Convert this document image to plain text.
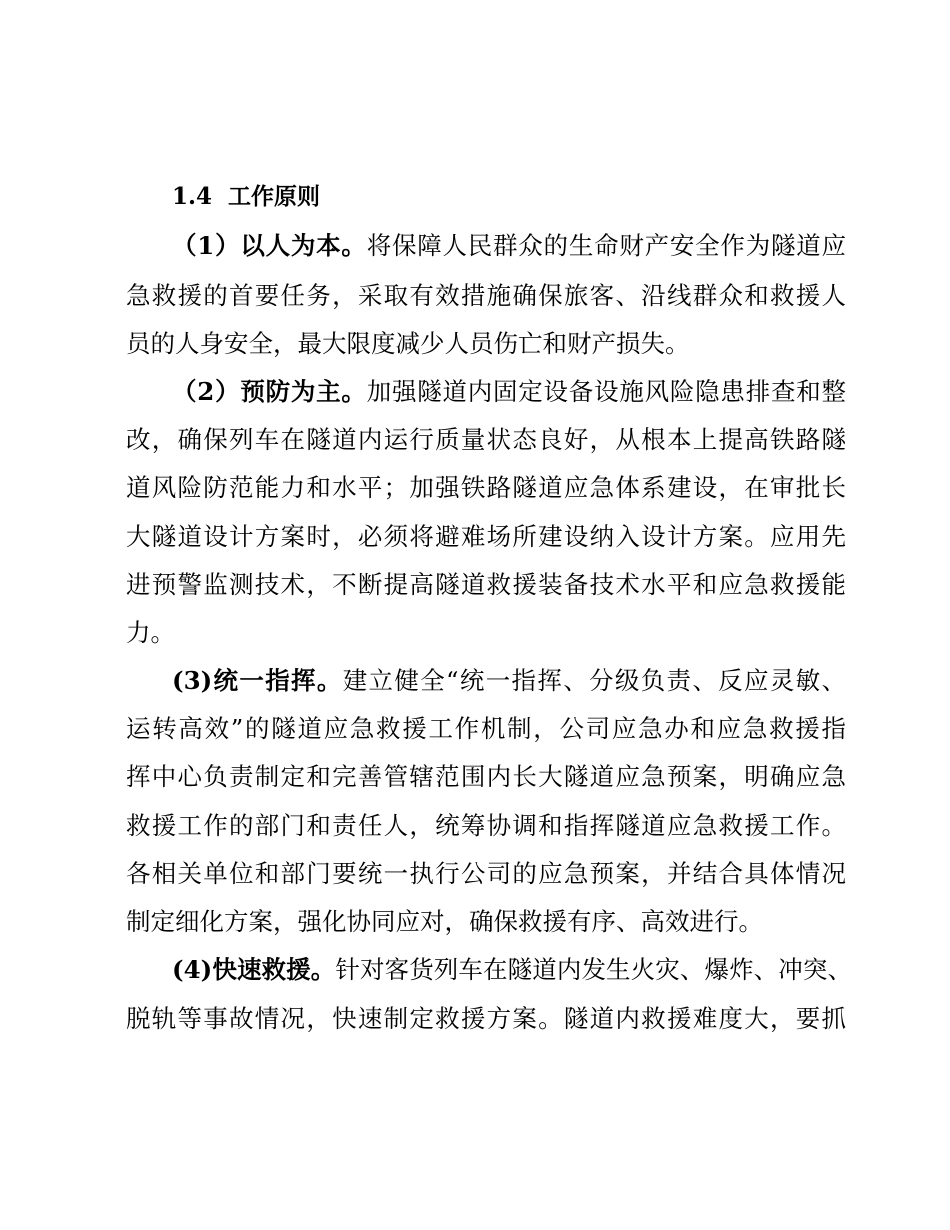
1.4 工作原则
（1）以人为本。将保障人民群众的生命财产安全作为隧道应
急救援的首要任务，采取有效措施确保旅客、沿线群众和救援人
员的人身安全，最大限度减少人员伤亡和财产损失。
（2）预防为主。加强隧道内固定设备设施风险隐患排查和整
改，确保列车在隧道内运行质量状态良好，从根本上提高铁路隧
道风险防范能力和水平；加强铁路隧道应急体系建设，在审批长
大隧道设计方案时，必须将避难场所建设纳入设计方案。应用先
进预警监测技术，不断提高隧道救援装备技术水平和应急救援能
力。
(3)统一指挥。建立健全“统一指挥、分级负责、反应灵敏、
运转高效”的隧道应急救援工作机制，公司应急办和应急救援指
挥中心负责制定和完善管辖范围内长大隧道应急预案，明确应急
救援工作的部门和责任人，统筹协调和指挥隧道应急救援工作。
各相关单位和部门要统一执行公司的应急预案，并结合具体情况
制定细化方案，强化协同应对，确保救援有序、高效进行。
(4)快速救援。针对客货列车在隧道内发生火灾、爆炸、冲突、
脱轨等事故情况，快速制定救援方案。隧道内救援难度大，要抓
